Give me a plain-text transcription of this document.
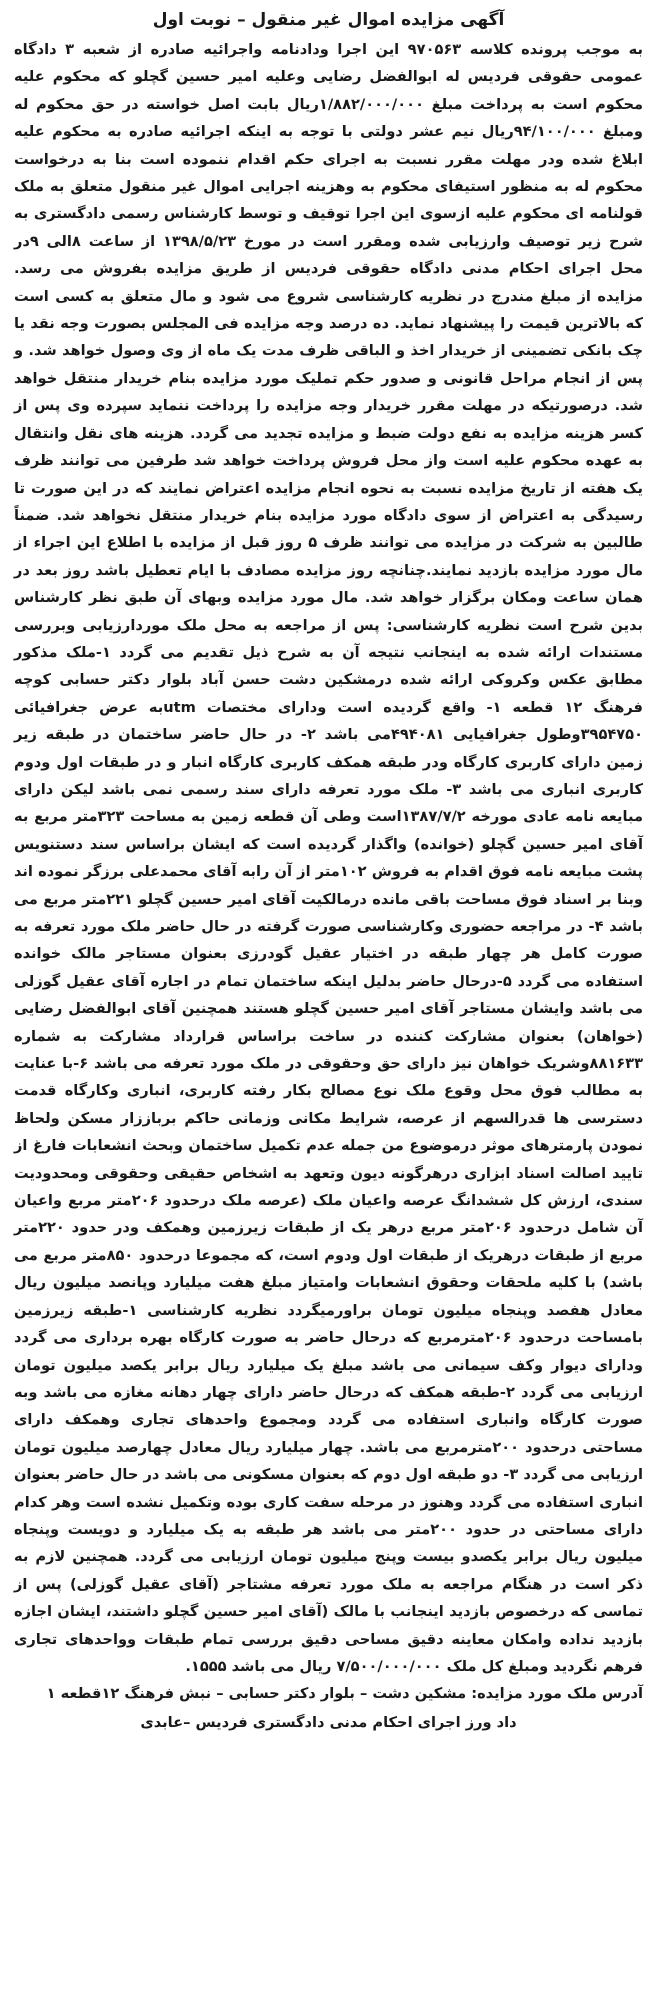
آگهی مزایده اموال غیر منقول – نوبت اول

به موجب پرونده کلاسه ۹۷۰۵۶۳ این اجرا ودادنامه واجرائیه صادره از شعبه ۳ دادگاه عمومی حقوقی فردیس له ابوالفضل رضایی وعلیه امیر حسین گچلو که محکوم علیه محکوم است به پرداخت مبلغ ۱/۸۸۲/۰۰۰/۰۰۰ریال بابت اصل خواسته در حق محکوم له ومبلغ ۹۴/۱۰۰/۰۰۰ریال نیم عشر دولتی با توجه به اینکه اجرائیه صادره به محکوم علیه ابلاغ شده ودر مهلت مقرر نسبت به اجرای حکم اقدام ننموده است بنا به درخواست محکوم له به منظور استیفای محکوم به وهزینه اجرایی اموال غیر منقول متعلق به ملک قولنامه ای محکوم علیه ازسوی این اجرا توقیف و توسط کارشناس رسمی دادگستری به شرح زیر توصیف وارزیابی شده ومقرر است در مورخ ۱۳۹۸/۵/۲۳ از ساعت ۸الی ۹در محل اجرای احکام مدنی دادگاه حقوقی فردیس از طریق مزایده بفروش می رسد. مزایده از مبلغ مندرج در نظریه کارشناسی شروع می شود و مال متعلق به کسی است که بالاترین قیمت را پیشنهاد نماید. ده درصد وجه مزایده فی المجلس بصورت وجه نقد یا چک بانکی تضمینی از خریدار اخذ و الباقی ظرف مدت یک ماه از وی وصول خواهد شد. و پس از انجام مراحل قانونی و صدور حکم تملیک مورد مزایده بنام خریدار منتقل خواهد شد. درصورتیکه در مهلت مقرر خریدار وجه مزایده را پرداخت ننماید سپرده وی پس از کسر هزینه مزایده به نفع دولت ضبط و مزایده تجدید می گردد. هزینه های نقل وانتقال به عهده محکوم علیه است واز محل فروش پرداخت خواهد شد طرفین می توانند ظرف یک هفته از تاریخ مزایده نسبت به نحوه انجام مزایده اعتراض نمایند که در این صورت تا رسیدگی به اعتراض از سوی دادگاه مورد مزایده بنام خریدار منتقل نخواهد شد. ضمناً طالبین به شرکت در مزایده می توانند ظرف ۵ روز قبل از مزایده با اطلاع این اجراء از مال مورد مزایده بازدید نمایند.چنانچه روز مزایده مصادف با ایام تعطیل باشد روز بعد در همان ساعت ومکان برگزار خواهد شد. مال مورد مزایده وبهای آن طبق نظر کارشناس بدین شرح است نظریه کارشناسی: پس از مراجعه به محل ملک موردارزیابی وبررسی مستندات ارائه شده به اینجانب نتیجه آن به شرح ذیل تقدیم می گردد ۱-ملک مذکور مطابق عکس وکروکی ارائه شده درمشکین دشت حسن آباد بلوار دکتر حسابی کوچه فرهنگ ۱۲ قطعه ۱- واقع گردیده است ودارای مختصات utmبه عرض جغرافیائی ۳۹۵۴۷۵۰وطول جغرافیایی ۴۹۴۰۸۱می باشد ۲- در حال حاضر ساختمان در طبقه زیر زمین دارای کاربری کارگاه ودر طبقه همکف کاربری کارگاه انبار و در طبقات اول ودوم کاربری انباری می باشد ۳- ملک مورد تعرفه دارای سند رسمی نمی باشد لیکن دارای مبایعه نامه عادی مورخه ۱۳۸۷/۷/۲است وطی آن قطعه زمین به مساحت ۳۲۳متر مربع به آقای امیر حسین گچلو (خوانده) واگذار گردیده است که ایشان براساس سند دستنویس پشت مبایعه نامه فوق اقدام به فروش ۱۰۲متر از آن رابه آقای محمدعلی برزگر نموده اند وبنا بر اسناد فوق مساحت باقی مانده درمالکیت آقای امیر حسین گچلو ۲۲۱متر مربع می باشد ۴- در مراجعه حضوری وکارشناسی صورت گرفته در حال حاضر ملک مورد تعرفه به صورت کامل هر چهار طبقه در اختیار عقیل گودرزی بعنوان مستاجر مالک خوانده استفاده می گردد ۵-درحال حاضر بدلیل اینکه ساختمان تمام در اجاره آقای عقیل گوزلی می باشد وایشان مستاجر آقای امیر حسین گچلو هستند همچنین آقای ابوالفضل رضایی (خواهان) بعنوان مشارکت کننده در ساخت براساس قرارداد مشارکت به شماره ۸۸۱۶۳۳وشریک خواهان نیز دارای حق وحقوقی در ملک مورد تعرفه می باشد ۶-با عنایت به مطالب فوق محل وقوع ملک نوع مصالح بکار رفته کاربری، انباری وکارگاه قدمت دسترسی ها قدرالسهم از عرصه، شرایط مکانی وزمانی حاکم برباززار مسکن ولحاظ نمودن پارمترهای موثر درموضوع من جمله عدم تکمیل ساختمان وبحث انشعابات فارغ از تایید اصالت اسناد ابزاری درهرگونه دیون وتعهد به اشخاص حقیقی وحقوقی ومحدودیت سندی، ارزش کل ششدانگ عرصه واعیان ملک (عرصه ملک درحدود ۲۰۶متر مربع واعیان آن شامل درحدود ۲۰۶متر مربع درهر یک از طبقات زیرزمین وهمکف ودر حدود ۲۲۰متر مربع از طبقات درهریک از طبقات اول ودوم است، که مجموعا درحدود ۸۵۰متر مربع می باشد) با کلیه ملحقات وحقوق انشعابات وامتیاز مبلغ هفت میلیارد وپانصد میلیون ریال معادل هفصد وپنجاه میلیون تومان براورمیگردد نظریه کارشناسی ۱-طبقه زیرزمین بامساحت درحدود ۲۰۶مترمربع که درحال حاضر به صورت کارگاه بهره برداری می گردد ودارای دیوار وکف سیمانی می باشد مبلغ یک میلیارد ریال برابر یکصد میلیون تومان ارزیابی می گردد ۲-طبقه همکف که درحال حاضر دارای چهار دهانه مغازه می باشد وبه صورت کارگاه وانباری استفاده می گردد ومجموع واحدهای تجاری وهمکف دارای مساحتی درحدود ۲۰۰مترمربع می باشد. چهار میلیارد ریال معادل چهارصد میلیون تومان ارزیابی می گردد ۳- دو طبقه اول دوم که بعنوان مسکونی می باشد در حال حاضر بعنوان انباری استفاده می گردد وهنوز در مرحله سفت کاری بوده وتکمیل نشده است وهر کدام دارای مساحتی در حدود ۲۰۰متر می باشد هر طبقه به یک میلیارد و دویست وپنجاه میلیون ریال برابر یکصدو بیست وپنج میلیون تومان ارزیابی می گردد. همچنین لازم به ذکر است در هنگام مراجعه به ملک مورد تعرفه مشتاجر (آقای عقیل گوزلی) پس از تماسی که درخصوص بازدید اینجانب با مالک (آقای امیر حسین گچلو داشتند، ایشان اجازه بازدید نداده وامکان معاینه دقیق مساحی دقیق بررسی تمام طبقات وواحدهای تجاری فرهم نگردید ومبلغ کل ملک ۷/۵۰۰/۰۰۰/۰۰۰ ریال می باشد ۱۵۵۵.

آدرس ملک مورد مزایده: مشکین دشت – بلوار دکتر حسابی – نبش فرهنگ ۱۲قطعه ۱
داد ورز اجرای احکام مدنی دادگستری فردیس –عابدی
